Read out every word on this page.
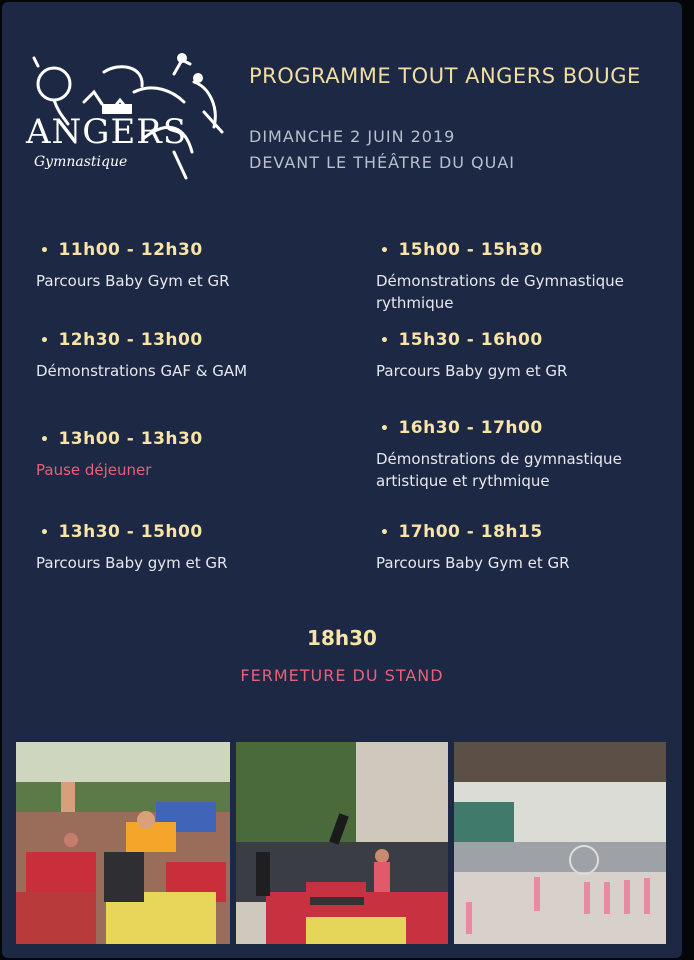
ANGERS
Gymnastique
PROGRAMME TOUT ANGERS BOUGE
DIMANCHE 2 JUIN 2019
DEVANT LE THÉÂTRE DU QUAI
• 11h00 - 12h30
Parcours Baby Gym et GR
• 12h30 - 13h00
Démonstrations GAF & GAM
• 13h00 - 13h30
Pause déjeuner
• 13h30 - 15h00
Parcours Baby gym et GR
• 15h00 - 15h30
Démonstrations de Gymnastique
rythmique
• 15h30 - 16h00
Parcours Baby gym et GR
• 16h30 - 17h00
Démonstrations de gymnastique
artistique et rythmique
• 17h00 - 18h15
Parcours Baby Gym et GR
18h30
FERMETURE DU STAND
